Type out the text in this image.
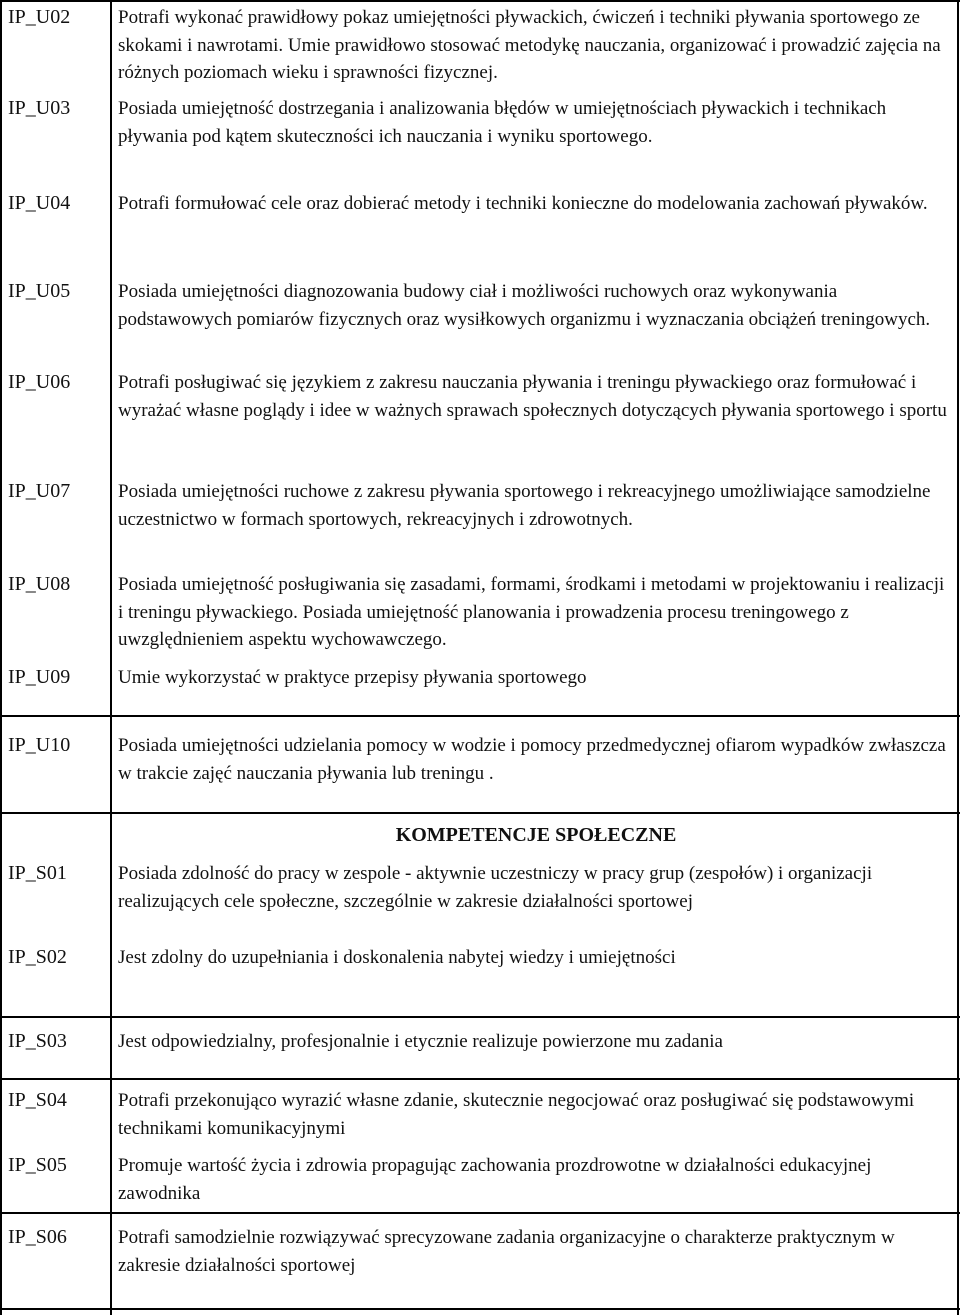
IP_U02	Potrafi wykonać prawidłowy pokaz umiejętności pływackich, ćwiczeń i techniki pływania sportowego ze skokami i nawrotami. Umie prawidłowo stosować metodykę nauczania, organizować i prowadzić zajęcia na różnych poziomach wieku i sprawności fizycznej.
IP_U03	Posiada umiejętność dostrzegania i analizowania błędów w umiejętnościach pływackich i technikach pływania pod kątem skuteczności ich nauczania i wyniku sportowego.
IP_U04	Potrafi formułować cele oraz dobierać metody i techniki konieczne do modelowania zachowań pływaków.
IP_U05	Posiada umiejętności diagnozowania budowy ciał i możliwości ruchowych oraz wykonywania podstawowych pomiarów fizycznych oraz wysiłkowych organizmu i wyznaczania obciążeń treningowych.
IP_U06	Potrafi posługiwać się językiem z zakresu nauczania pływania i treningu pływackiego oraz formułować i wyrażać własne poglądy i idee w ważnych sprawach społecznych dotyczących pływania sportowego i sportu
IP_U07	Posiada umiejętności ruchowe z zakresu pływania sportowego i rekreacyjnego umożliwiające samodzielne uczestnictwo w formach sportowych, rekreacyjnych i zdrowotnych.
IP_U08	Posiada umiejętność posługiwania się zasadami, formami, środkami i metodami w projektowaniu i realizacji i treningu pływackiego. Posiada umiejętność planowania i prowadzenia procesu treningowego z uwzględnieniem aspektu wychowawczego.
IP_U09	Umie wykorzystać w praktyce przepisy pływania sportowego
IP_U10	Posiada umiejętności udzielania pomocy w wodzie i pomocy przedmedycznej ofiarom wypadków zwłaszcza w trakcie zajęć nauczania pływania lub treningu .
KOMPETENCJE SPOŁECZNE
IP_S01	Posiada zdolność do pracy w zespole - aktywnie uczestniczy w pracy grup (zespołów) i organizacji realizujących cele społeczne, szczególnie w zakresie działalności sportowej
IP_S02	Jest zdolny do uzupełniania i doskonalenia nabytej wiedzy i umiejętności
IP_S03	Jest odpowiedzialny, profesjonalnie i etycznie realizuje powierzone mu zadania
IP_S04	Potrafi przekonująco wyrazić własne zdanie, skutecznie negocjować oraz posługiwać się podstawowymi technikami komunikacyjnymi
IP_S05	Promuje wartość życia i zdrowia propagując zachowania prozdrowotne w działalności edukacyjnej zawodnika
IP_S06	Potrafi samodzielnie rozwiązywać sprecyzowane zadania organizacyjne o charakterze praktycznym w zakresie działalności sportowej
